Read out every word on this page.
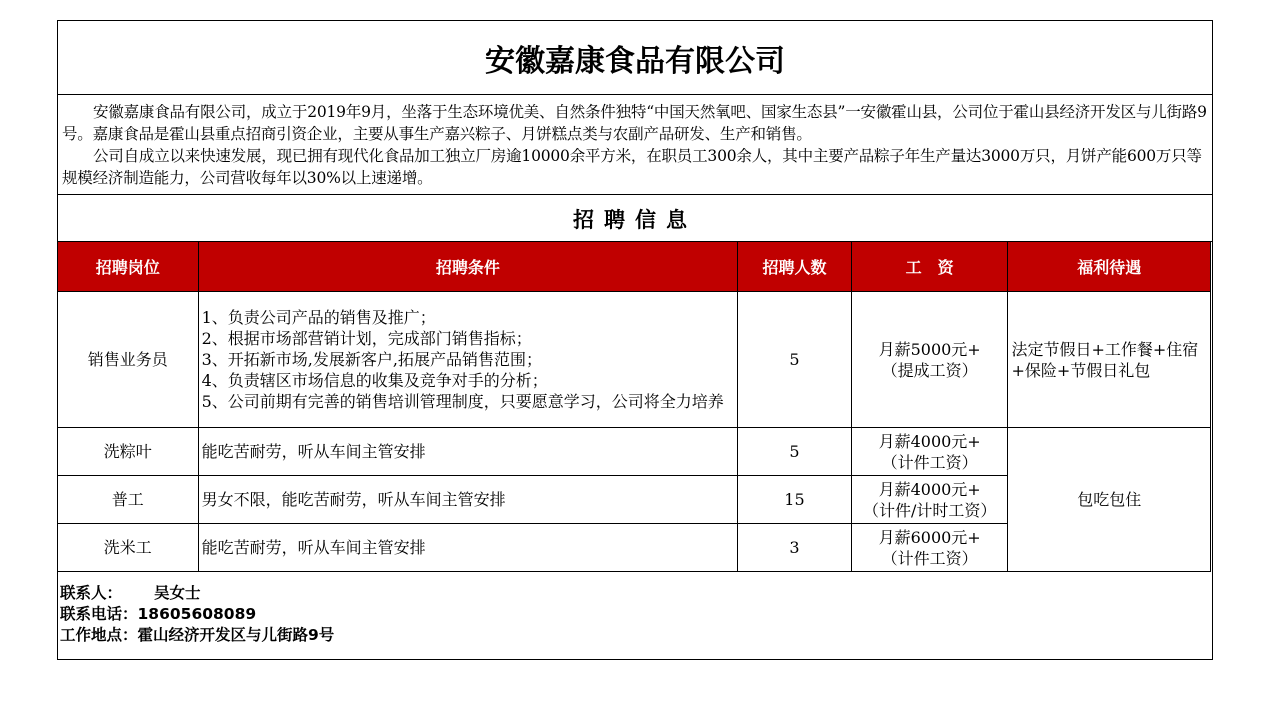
安徽嘉康食品有限公司

安徽嘉康食品有限公司，成立于2019年9月，坐落于生态环境优美、自然条件独特“中国天然氧吧、国家生态县”一安徽霍山县，公司位于霍山县经济开发区与儿街路9号。嘉康食品是霍山县重点招商引资企业，主要从事生产嘉兴粽子、月饼糕点类与农副产品研发、生产和销售。

公司自成立以来快速发展，现已拥有现代化食品加工独立厂房逾10000余平方米，在职员工300余人，其中主要产品粽子年生产量达3000万只，月饼产能600万只等规模经济制造能力，公司营收每年以30%以上速递增。

招聘信息
招聘岗位	招聘条件	招聘人数	工　资	福利待遇
销售业务员	1、负责公司产品的销售及推广；
2、根据市场部营销计划，完成部门销售指标；
3、开拓新市场,发展新客户,拓展产品销售范围；
4、负责辖区市场信息的收集及竞争对手的分析；
5、公司前期有完善的销售培训管理制度，只要愿意学习，公司将全力培养	5	月薪5000元+
（提成工资）	法定节假日+工作餐+住宿+保险+节假日礼包
洗粽叶	能吃苦耐劳，听从车间主管安排	5	月薪4000元+
（计件工资）	包吃包住
普工	男女不限，能吃苦耐劳，听从车间主管安排	15	月薪4000元+
（计件/计时工资）	

洗米工	能吃苦耐劳，听从车间主管安排	3	月薪6000元+
（计件工资）	
联系人：	吴女士
联系电话： 18605608089
工作地点： 霍山经济开发区与儿街路9号
